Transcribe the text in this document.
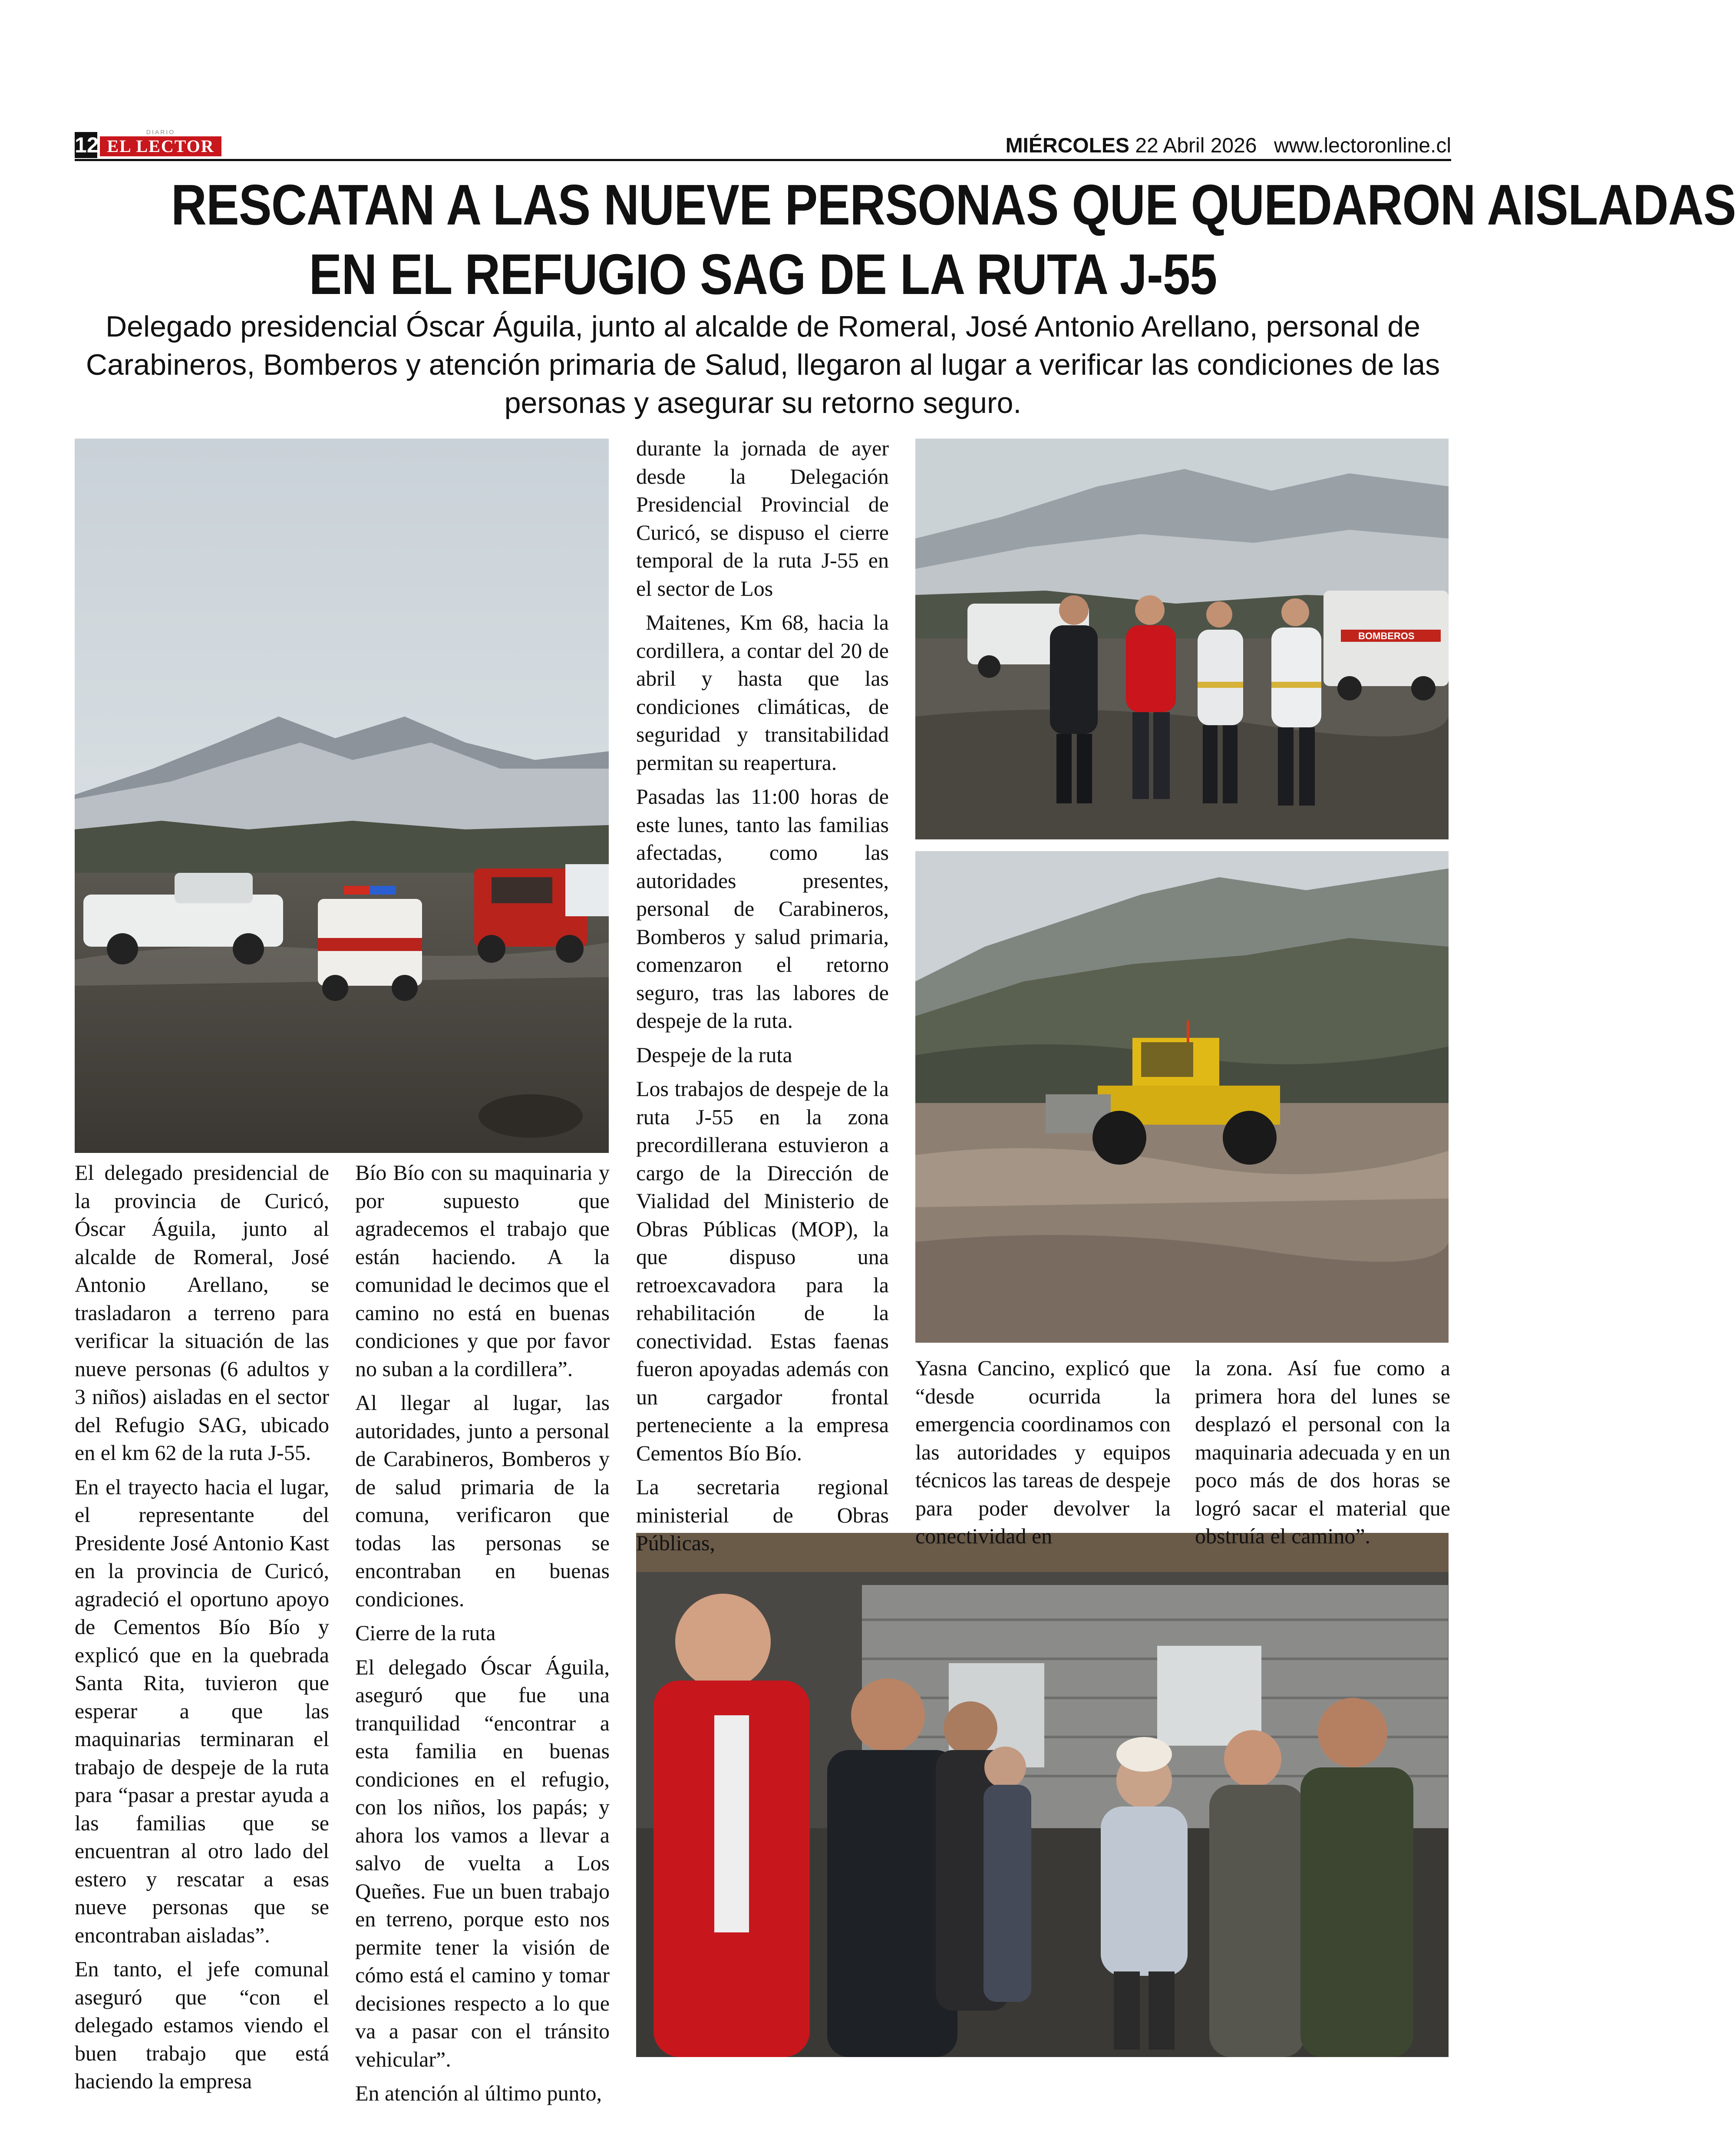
12
DIARIO
EL LECTOR	MIÉRCOLES 22 Abril 2026 www.lectoronline.cl
RESCATAN A LAS NUEVE PERSONAS QUE QUEDARON AISLADAS
EN EL REFUGIO SAG DE LA RUTA J-55
Delegado presidencial Óscar Águila, junto al alcalde de Romeral, José Antonio Arellano, personal de Carabineros, Bomberos y atención primaria de Salud, llegaron al lugar a verificar las condiciones de las personas y asegurar su retorno seguro.
BOMBEROS

El delegado presidencial de la provincia de Curicó, Óscar Águila, junto al alcalde de Romeral, José Antonio Arellano, se trasladaron a terreno para verificar la situación de las nueve personas (6 adultos y 3 niños) aisladas en el sector del Refugio SAG, ubicado en el km 62 de la ruta J-55.

En el trayecto hacia el lugar, el representante del Presidente José Antonio Kast en la provincia de Curicó, agradeció el oportuno apoyo de Cementos Bío Bío y explicó que en la quebrada Santa Rita, tuvieron que esperar a que las maquinarias terminaran el trabajo de despeje de la ruta para “pasar a prestar ayuda a las familias que se encuentran al otro lado del estero y rescatar a esas nueve personas que se encontraban aisladas”.

En tanto, el jefe comunal aseguró que “con el delegado estamos viendo el buen trabajo que está haciendo la empresa

Bío Bío con su maquinaria y por supuesto que agradecemos el trabajo que están haciendo. A la comunidad le decimos que el camino no está en buenas condiciones y que por favor no suban a la cordillera”.

Al llegar al lugar, las autoridades, junto a personal de Carabineros, Bomberos y de salud primaria de la comuna, verificaron que todas las personas se encontraban en buenas condiciones.

Cierre de la ruta

El delegado Óscar Águila, aseguró que fue una tranquilidad “encontrar a esta familia en buenas condiciones en el refugio, con los niños, los papás; y ahora los vamos a llevar a salvo de vuelta a Los Queñes. Fue un buen trabajo en terreno, porque esto nos permite tener la visión de cómo está el camino y tomar decisiones respecto a lo que va a pasar con el tránsito vehicular”.

En atención al último punto,

durante la jornada de ayer desde la Delegación Presidencial Provincial de Curicó, se dispuso el cierre temporal de la ruta J-55 en el sector de Los

Maitenes, Km 68, hacia la cordillera, a contar del 20 de abril y hasta que las condiciones climáticas, de seguridad y transitabilidad permitan su reapertura.

Pasadas las 11:00 horas de este lunes, tanto las familias afectadas, como las autoridades presentes, personal de Carabineros, Bomberos y salud primaria, comenzaron el retorno seguro, tras las labores de despeje de la ruta.

Despeje de la ruta

Los trabajos de despeje de la ruta J-55 en la zona precordillerana estuvieron a cargo de la Dirección de Vialidad del Ministerio de Obras Públicas (MOP), la que dispuso una retroexcavadora para la rehabilitación de la conectividad. Estas faenas fueron apoyadas además con un cargador frontal perteneciente a la empresa Cementos Bío Bío.

La secretaria regional ministerial de Obras Públicas,

Yasna Cancino, explicó que “desde ocurrida la emergencia coordinamos con las autoridades y equipos técnicos las tareas de despeje para poder devolver la conectividad en

la zona. Así fue como a primera hora del lunes se desplazó el personal con la maquinaria adecuada y en un poco más de dos horas se logró sacar el material que obstruía el camino”.
